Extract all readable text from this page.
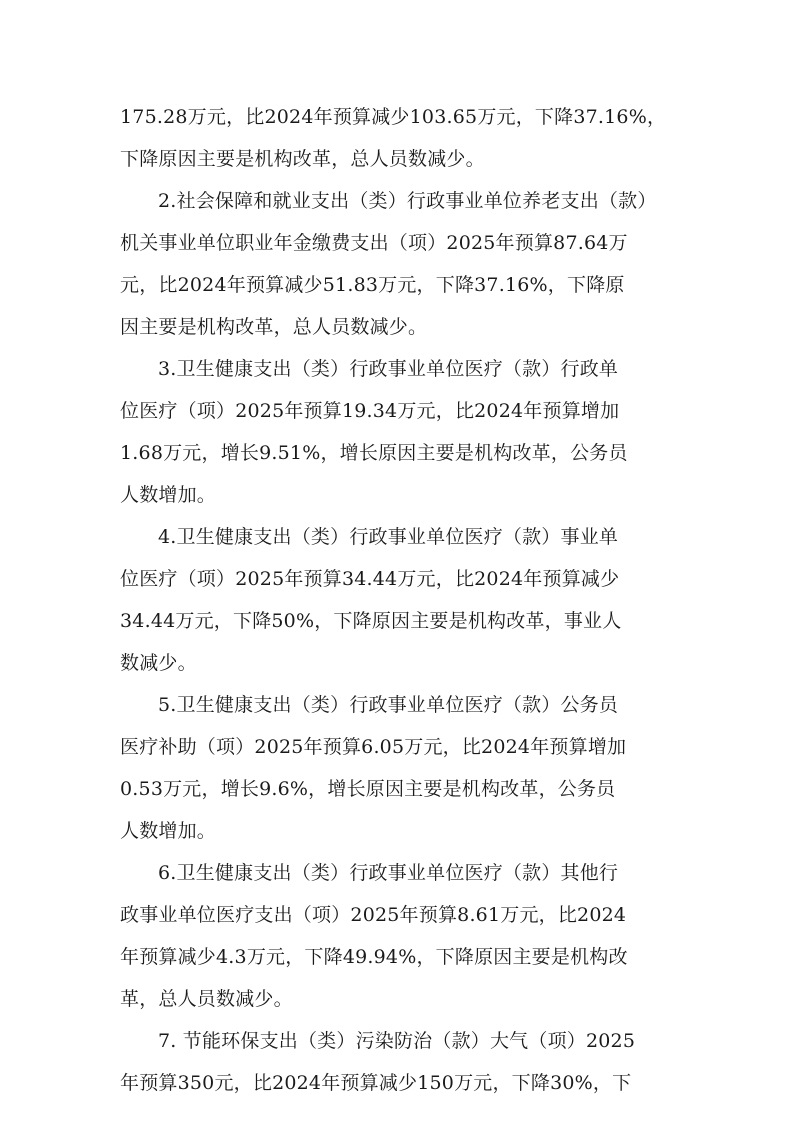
175.28万元，比2024年预算减少103.65万元，下降37.16%，
下降原因主要是机构改革，总人员数减少。
2.社会保障和就业支出（类）行政事业单位养老支出（款）
机关事业单位职业年金缴费支出（项）2025年预算87.64万
元，比2024年预算减少51.83万元，下降37.16%，下降原
因主要是机构改革，总人员数减少。
3.卫生健康支出（类）行政事业单位医疗（款）行政单
位医疗（项）2025年预算19.34万元，比2024年预算增加
1.68万元，增长9.51%，增长原因主要是机构改革，公务员
人数增加。
4.卫生健康支出（类）行政事业单位医疗（款）事业单
位医疗（项）2025年预算34.44万元，比2024年预算减少
34.44万元，下降50%，下降原因主要是机构改革，事业人
数减少。
5.卫生健康支出（类）行政事业单位医疗（款）公务员
医疗补助（项）2025年预算6.05万元，比2024年预算增加
0.53万元，增长9.6%，增长原因主要是机构改革，公务员
人数增加。
6.卫生健康支出（类）行政事业单位医疗（款）其他行
政事业单位医疗支出（项）2025年预算8.61万元，比2024
年预算减少4.3万元，下降49.94%，下降原因主要是机构改
革，总人员数减少。
7. 节能环保支出（类）污染防治（款）大气（项）2025
年预算350元，比2024年预算减少150万元，下降30%，下
